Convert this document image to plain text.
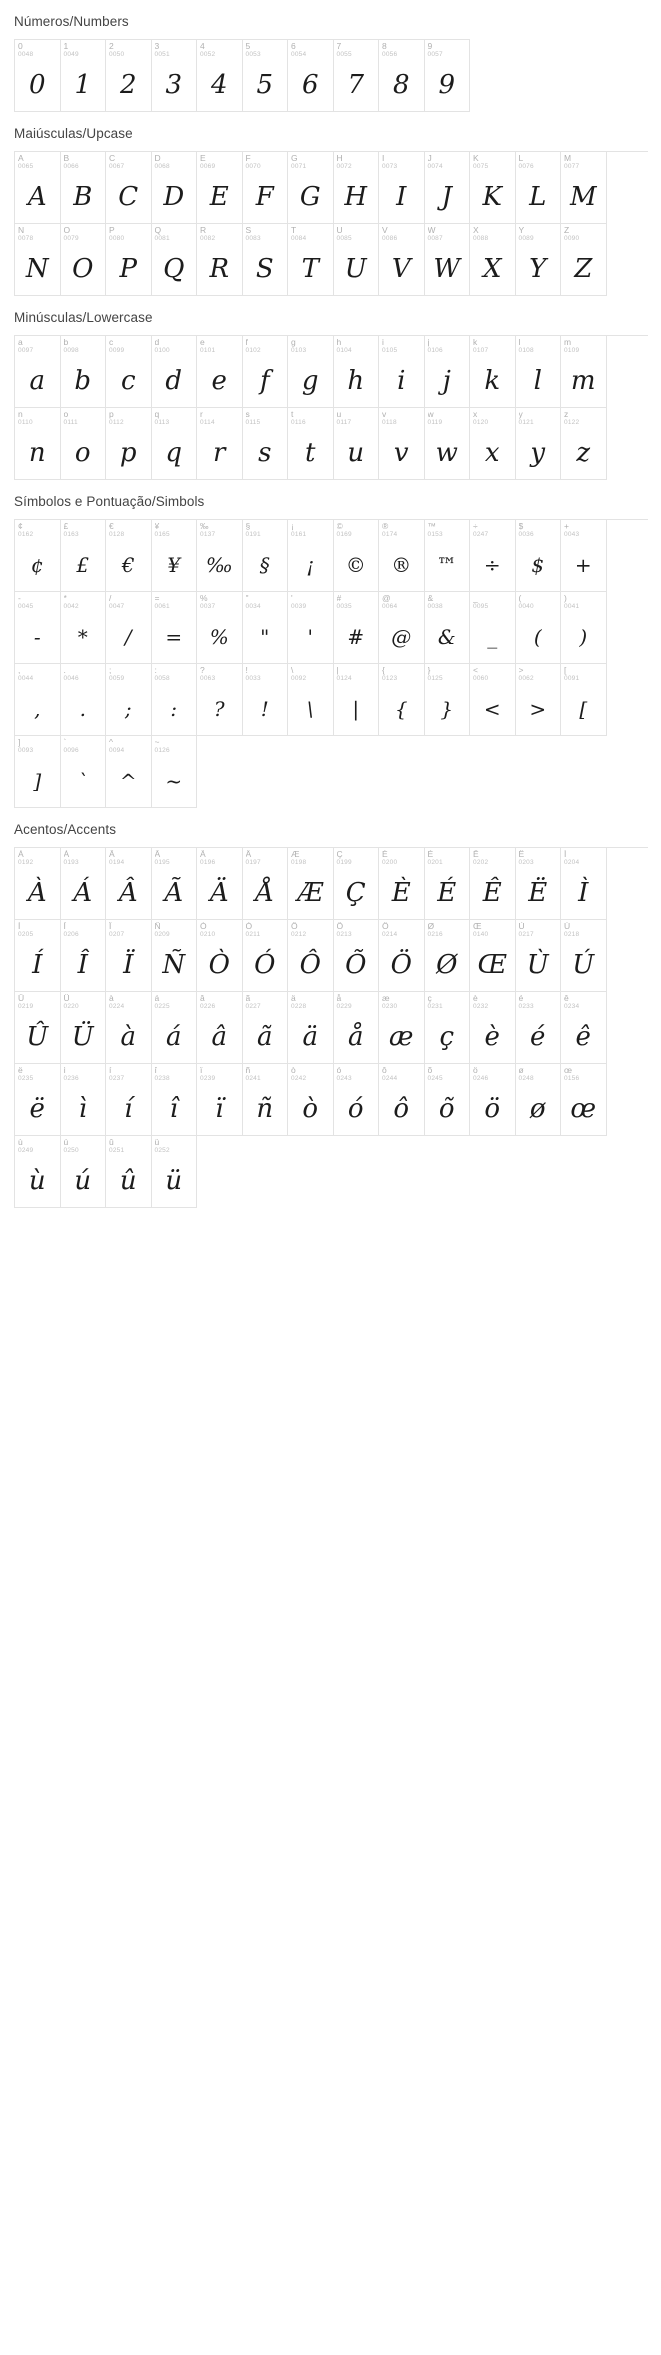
Números/Numbers
0
0048
0
1
0049
1
2
0050
2
3
0051
3
4
0052
4
5
0053
5
6
0054
6
7
0055
7
8
0056
8
9
0057
9
Maiúsculas/Upcase
A
0065
A
B
0066
B
C
0067
C
D
0068
D
E
0069
E
F
0070
F
G
0071
G
H
0072
H
I
0073
I
J
0074
J
K
0075
K
L
0076
L
M
0077
M
N
0078
N
O
0079
O
P
0080
P
Q
0081
Q
R
0082
R
S
0083
S
T
0084
T
U
0085
U
V
0086
V
W
0087
W
X
0088
X
Y
0089
Y
Z
0090
Z
Minúsculas/Lowercase
a
0097
a
b
0098
b
c
0099
c
d
0100
d
e
0101
e
f
0102
f
g
0103
g
h
0104
h
i
0105
i
j
0106
j
k
0107
k
l
0108
l
m
0109
m
n
0110
n
o
0111
o
p
0112
p
q
0113
q
r
0114
r
s
0115
s
t
0116
t
u
0117
u
v
0118
v
w
0119
w
x
0120
x
y
0121
y
z
0122
z
Símbolos e Pontuação/Simbols
¢
0162
¢
£
0163
£
€
0128
€
¥
0165
¥
‰
0137
‰
§
0191
§
¡
0161
¡
©
0169
©
®
0174
®
™
0153
™
÷
0247
÷
$
0036
$
+
0043
+
-
0045
-
*
0042
*
/
0047
/
=
0061
=
%
0037
%
"
0034
"
'
0039
'
#
0035
#
@
0064
@
&
0038
&
_
0095
_
(
0040
(
)
0041
)
,
0044
,
.
0046
.
;
0059
;
:
0058
:
?
0063
?
!
0033
!
\
0092
\
|
0124
|
{
0123
{
}
0125
}
<
0060
<
>
0062
>
[
0091
[
]
0093
]
`
0096
`
^
0094
^
~
0126
~
Acentos/Accents
À
0192
À
Á
0193
Á
Â
0194
Â
Ã
0195
Ã
Ä
0196
Ä
Å
0197
Å
Æ
0198
Æ
Ç
0199
Ç
È
0200
È
É
0201
É
Ê
0202
Ê
Ë
0203
Ë
Ì
0204
Ì
Í
0205
Í
Î
0206
Î
Ï
0207
Ï
Ñ
0209
Ñ
Ò
0210
Ò
Ó
0211
Ó
Ô
0212
Ô
Õ
0213
Õ
Ö
0214
Ö
Ø
0216
Ø
Œ
0140
Œ
Ù
0217
Ù
Ú
0218
Ú
Û
0219
Û
Ü
0220
Ü
à
0224
à
á
0225
á
â
0226
â
ã
0227
ã
ä
0228
ä
å
0229
å
æ
0230
æ
ç
0231
ç
è
0232
è
é
0233
é
ê
0234
ê
ë
0235
ë
ì
0236
ì
í
0237
í
î
0238
î
ï
0239
ï
ñ
0241
ñ
ò
0242
ò
ó
0243
ó
ô
0244
ô
õ
0245
õ
ö
0246
ö
ø
0248
ø
œ
0156
œ
ù
0249
ù
ú
0250
ú
û
0251
û
ü
0252
ü
